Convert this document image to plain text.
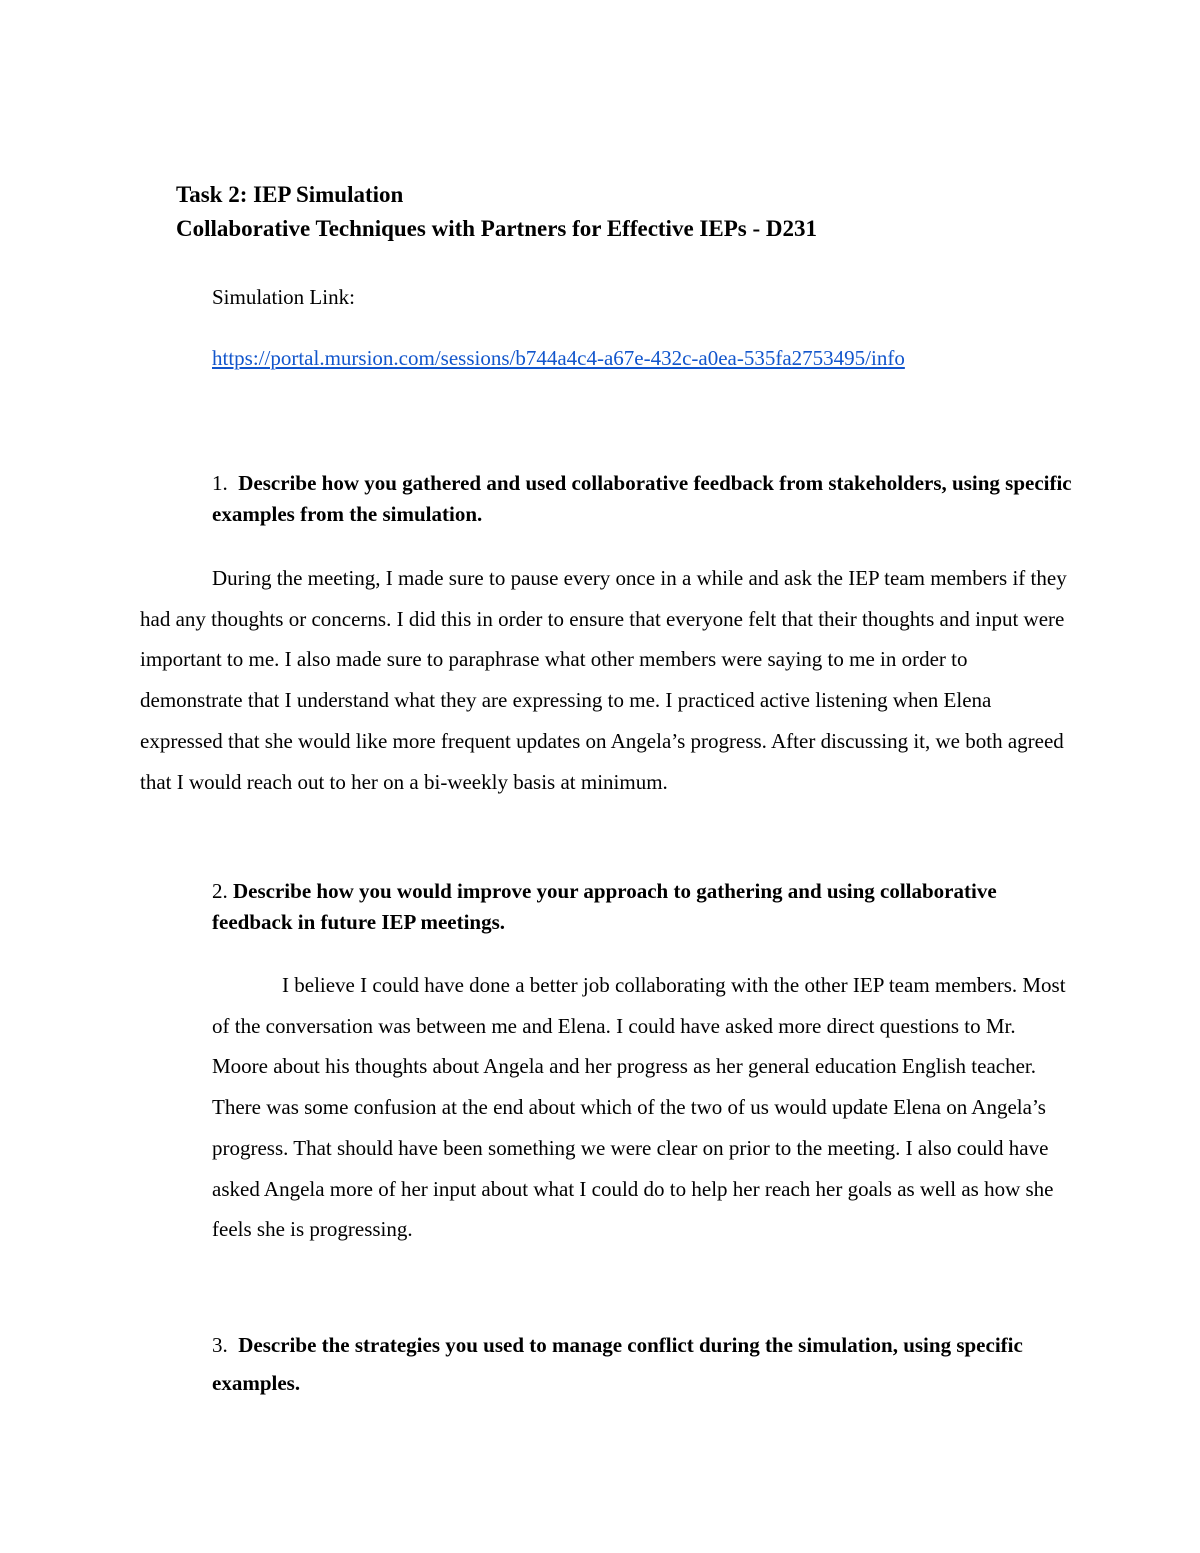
Task 2: IEP Simulation
Collaborative Techniques with Partners for Effective IEPs - D231
Simulation Link:
https://portal.mursion.com/sessions/b744a4c4-a67e-432c-a0ea-535fa2753495/info
1. Describe how you gathered and used collaborative feedback from stakeholders, using specific examples from the simulation.
During the meeting, I made sure to pause every once in a while and ask the IEP team members if they had any thoughts or concerns. I did this in order to ensure that everyone felt that their thoughts and input were important to me. I also made sure to paraphrase what other members were saying to me in order to demonstrate that I understand what they are expressing to me. I practiced active listening when Elena expressed that she would like more frequent updates on Angela’s progress. After discussing it, we both agreed that I would reach out to her on a bi-weekly basis at minimum.
2. Describe how you would improve your approach to gathering and using collaborative feedback in future IEP meetings.
I believe I could have done a better job collaborating with the other IEP team members. Most of the conversation was between me and Elena. I could have asked more direct questions to Mr. Moore about his thoughts about Angela and her progress as her general education English teacher. There was some confusion at the end about which of the two of us would update Elena on Angela’s progress. That should have been something we were clear on prior to the meeting. I also could have asked Angela more of her input about what I could do to help her reach her goals as well as how she feels she is progressing.
3. Describe the strategies you used to manage conflict during the simulation, using specific examples.
